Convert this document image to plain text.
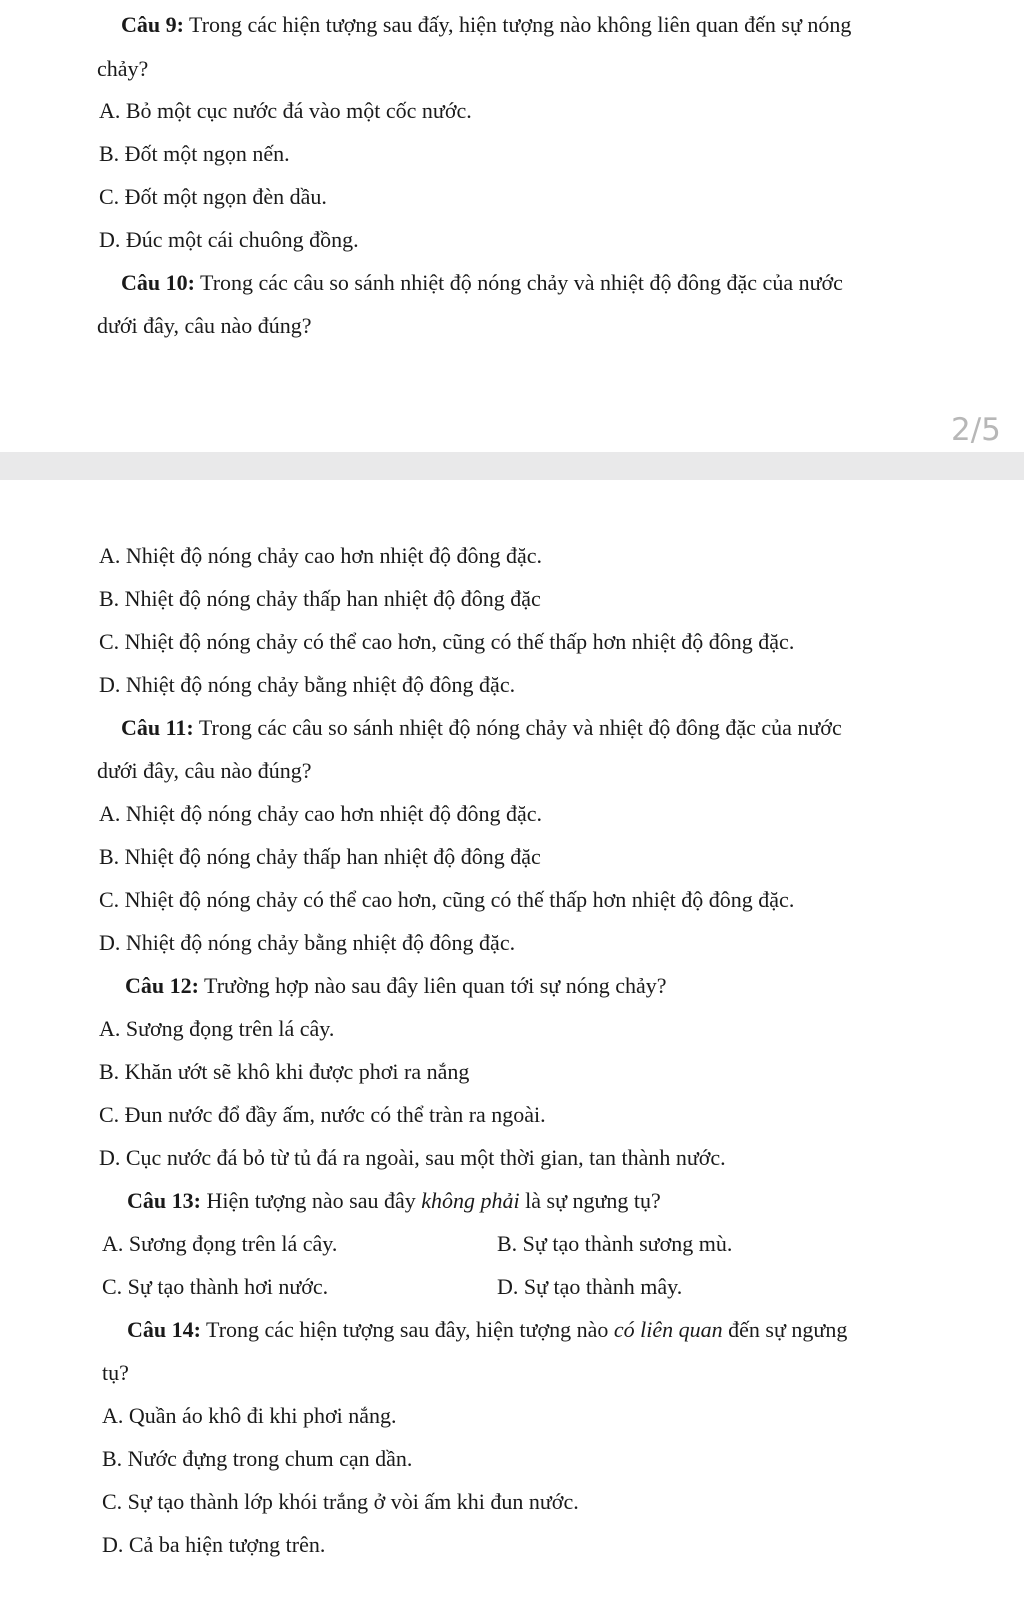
Câu 9: Trong các hiện tượng sau đấy, hiện tượng nào không liên quan đến sự nóng
chảy?
A. Bỏ một cục nước đá vào một cốc nước.
B. Đốt một ngọn nến.
C. Đốt một ngọn đèn dầu.
D. Đúc một cái chuông đồng.
Câu 10: Trong các câu so sánh nhiệt độ nóng chảy và nhiệt độ đông đặc của nước
dưới đây, câu nào đúng?
2/5
A. Nhiệt độ nóng chảy cao hơn nhiệt độ đông đặc.
B. Nhiệt độ nóng chảy thấp han nhiệt độ đông đặc
C. Nhiệt độ nóng chảy có thể cao hơn, cũng có thế thấp hơn nhiệt độ đông đặc.
D. Nhiệt độ nóng chảy bằng nhiệt độ đông đặc.
Câu 11: Trong các câu so sánh nhiệt độ nóng chảy và nhiệt độ đông đặc của nước
dưới đây, câu nào đúng?
A. Nhiệt độ nóng chảy cao hơn nhiệt độ đông đặc.
B. Nhiệt độ nóng chảy thấp han nhiệt độ đông đặc
C. Nhiệt độ nóng chảy có thể cao hơn, cũng có thế thấp hơn nhiệt độ đông đặc.
D. Nhiệt độ nóng chảy bằng nhiệt độ đông đặc.
Câu 12: Trường hợp nào sau đây liên quan tới sự nóng chảy?
A. Sương đọng trên lá cây.
B. Khăn ướt sẽ khô khi được phơi ra nắng
C. Đun nước đổ đầy ấm, nước có thể tràn ra ngoài.
D. Cục nước đá bỏ từ tủ đá ra ngoài, sau một thời gian, tan thành nước.
Câu 13: Hiện tượng nào sau đây không phải là sự ngưng tụ?
A. Sương đọng trên lá cây.	B. Sự tạo thành sương mù.
C. Sự tạo thành hơi nước.	D. Sự tạo thành mây.
Câu 14: Trong các hiện tượng sau đây, hiện tượng nào có liên quan đến sự ngưng
tụ?
A. Quần áo khô đi khi phơi nắng.
B. Nước đựng trong chum cạn dần.
C. Sự tạo thành lớp khói trắng ở vòi ấm khi đun nước.
D. Cả ba hiện tượng trên.
